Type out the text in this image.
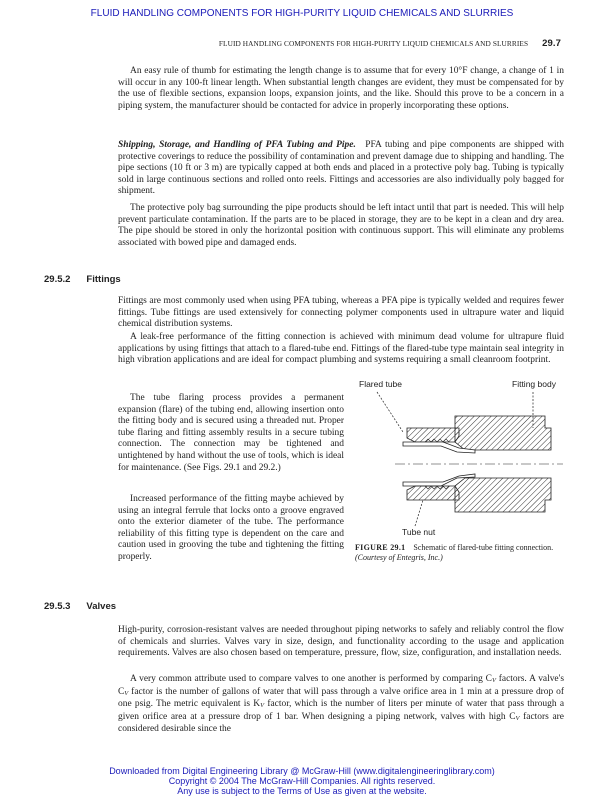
FLUID HANDLING COMPONENTS FOR HIGH-PURITY LIQUID CHEMICALS AND SLURRIES
FLUID HANDLING COMPONENTS FOR HIGH-PURITY LIQUID CHEMICALS AND SLURRIES 29.7

An easy rule of thumb for estimating the length change is to assume that for every 10°F change, a change of 1 in will occur in any 100-ft linear length. When substantial length changes are evident, they must be compensated for by the use of flexible sections, expansion loops, expansion joints, and the like. Should this prove to be a concern in a piping system, the manufacturer should be contacted for advice in properly incorporating these options.

Shipping, Storage, and Handling of PFA Tubing and Pipe.  PFA tubing and pipe components are shipped with protective coverings to reduce the possibility of contamination and prevent damage due to shipping and handling. The pipe sections (10 ft or 3 m) are typically capped at both ends and placed in a protective poly bag. Tubing is typically sold in large continuous sections and rolled onto reels. Fittings and accessories are also individually poly bagged for shipment.

The protective poly bag surrounding the pipe products should be left intact until that part is needed. This will help prevent particulate contamination. If the parts are to be placed in storage, they are to be kept in a clean and dry area. The pipe should be stored in only the horizontal position with continuous support. This will eliminate any problems associated with bowed pipe and damaged ends.

29.5.2 Fittings

Fittings are most commonly used when using PFA tubing, whereas a PFA pipe is typically welded and requires fewer fittings. Tube fittings are used extensively for connecting polymer components used in ultrapure water and liquid chemical distribution systems.

A leak-free performance of the fitting connection is achieved with minimum dead volume for ultrapure fluid applications by using fittings that attach to a flared-tube end. Fittings of the flared-tube type maintain seal integrity in high vibration applications and are ideal for compact plumbing and systems requiring a small cleanroom footprint.

The tube flaring process provides a permanent expansion (flare) of the tubing end, allowing insertion onto the fitting body and is secured using a threaded nut. Proper tube flaring and fitting assembly results in a secure tubing connection. The connection may be tightened and untightened by hand without the use of tools, which is ideal for maintenance. (See Figs. 29.1 and 29.2.)

Increased performance of the fitting maybe achieved by using an integral ferrule that locks onto a groove engraved onto the exterior diameter of the tube. The performance reliability of this fitting type is dependent on the care and caution used in grooving the tube and tightening the fitting properly.

Flared tube	Fitting body
Tube nut
FIGURE 29.1  Schematic of flared-tube fitting connection. (Courtesy of Entegris, Inc.)
29.5.3 Valves

High-purity, corrosion-resistant valves are needed throughout piping networks to safely and reliably control the flow of chemicals and slurries. Valves vary in size, design, and functionality according to the usage and application requirements. Valves are also chosen based on temperature, pressure, flow, size, configuration, and installation needs.

A very common attribute used to compare valves to one another is performed by comparing CV factors. A valve's CV factor is the number of gallons of water that will pass through a valve orifice area in 1 min at a pressure drop of one psig. The metric equivalent is KV factor, which is the number of liters per minute of water that pass through a given orifice area at a pressure drop of 1 bar. When designing a piping network, valves with high CV factors are considered desirable since the

Downloaded from Digital Engineering Library @ McGraw-Hill (www.digitalengineeringlibrary.com)
Copyright © 2004 The McGraw-Hill Companies. All rights reserved.
Any use is subject to the Terms of Use as given at the website.
